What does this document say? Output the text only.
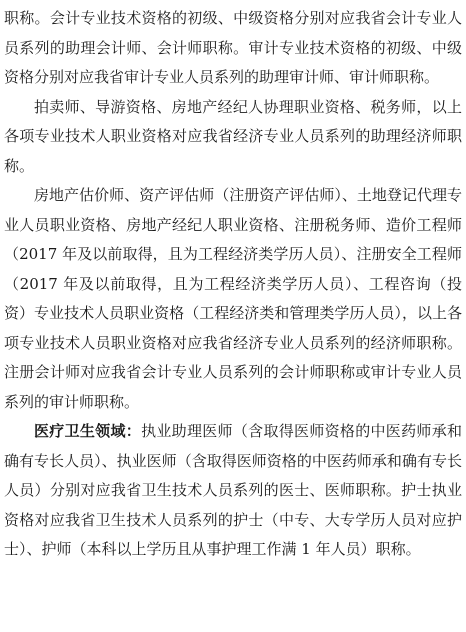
职称。会计专业技术资格的初级、中级资格分别对应我省会计专业人员系列的助理会计师、会计师职称。审计专业技术资格的初级、中级资格分别对应我省审计专业人员系列的助理审计师、审计师职称。

拍卖师、导游资格、房地产经纪人协理职业资格、税务师，以上各项专业技术人职业资格对应我省经济专业人员系列的助理经济师职称。

房地产估价师、资产评估师（注册资产评估师）、土地登记代理专业人员职业资格、房地产经纪人职业资格、注册税务师、造价工程师（2017 年及以前取得，且为工程经济类学历人员）、注册安全工程师（2017 年及以前取得，且为工程经济类学历人员）、工程咨询（投资）专业技术人员职业资格（工程经济类和管理类学历人员），以上各项专业技术人员职业资格对应我省经济专业人员系列的经济师职称。注册会计师对应我省会计专业人员系列的会计师职称或审计专业人员系列的审计师职称。

医疗卫生领域：执业助理医师（含取得医师资格的中医药师承和确有专长人员）、执业医师（含取得医师资格的中医药师承和确有专长人员）分别对应我省卫生技术人员系列的医士、医师职称。护士执业资格对应我省卫生技术人员系列的护士（中专、大专学历人员对应护士）、护师（本科以上学历且从事护理工作满 1 年人员）职称。
